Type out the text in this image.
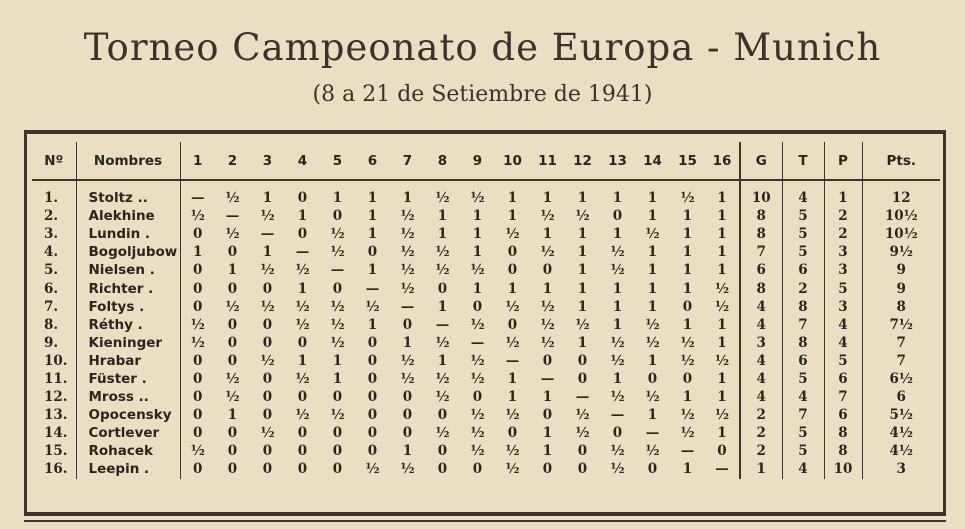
Torneo Campeonato de Europa - Munich
(8 a 21 de Setiembre de 1941)
Nº	Nombres	1	2	3	4	5	6	7	8	9	10	11	12	13	14	15	16	G	T	P	Pts.
1.	Stoltz ..	—	½	1	0	1	1	1	½	½	1	1	1	1	1	½	1	10	4	1	12
2.	Alekhine	½	—	½	1	0	1	½	1	1	1	½	½	0	1	1	1	8	5	2	10½
3.	Lundin .	0	½	—	0	½	1	½	1	1	½	1	1	1	½	1	1	8	5	2	10½
4.	Bogoljubow	1	0	1	—	½	0	½	½	1	0	½	1	½	1	1	1	7	5	3	9½
5.	Nielsen .	0	1	½	½	—	1	½	½	½	0	0	1	½	1	1	1	6	6	3	9
6.	Richter .	0	0	0	1	0	—	½	0	1	1	1	1	1	1	1	½	8	2	5	9
7.	Foltys .	0	½	½	½	½	½	—	1	0	½	½	1	1	1	0	½	4	8	3	8
8.	Réthy .	½	0	0	½	½	1	0	—	½	0	½	½	1	½	1	1	4	7	4	7½
9.	Kieninger	½	0	0	0	½	0	1	½	—	½	½	1	½	½	½	1	3	8	4	7
10.	Hrabar	0	0	½	1	1	0	½	1	½	—	0	0	½	1	½	½	4	6	5	7
11.	Füster .	0	½	0	½	1	0	½	½	½	1	—	0	1	0	0	1	4	5	6	6½
12.	Mross ..	0	½	0	0	0	0	0	½	0	1	1	—	½	½	1	1	4	4	7	6
13.	Opocensky	0	1	0	½	½	0	0	0	½	½	0	½	—	1	½	½	2	7	6	5½
14.	Cortlever	0	0	½	0	0	0	0	½	½	0	1	½	0	—	½	1	2	5	8	4½
15.	Rohacek	½	0	0	0	0	0	1	0	½	½	1	0	½	½	—	0	2	5	8	4½
16.	Leepin .	0	0	0	0	0	½	½	0	0	½	0	0	½	0	1	—	1	4	10	3
